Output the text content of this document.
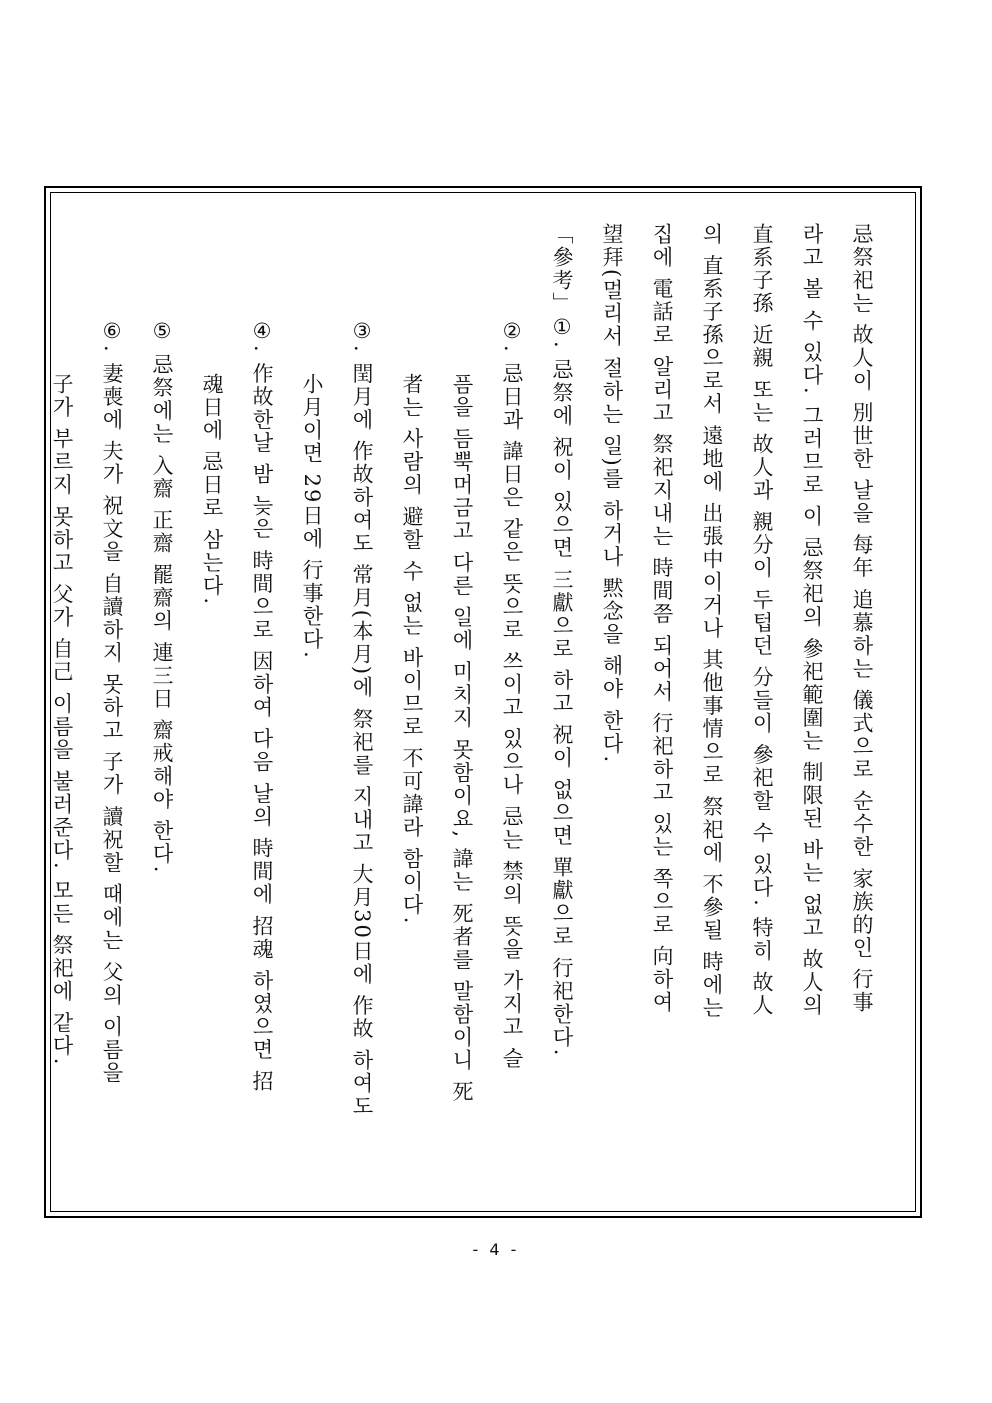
忌祭祀는 故人이 別世한 날을 每年 追慕하는 儀式으로 순수한 家族的인 行事

라고 볼 수 있다. 그러므로 이 忌祭祀의 參祀範圍는 制限된 바는 없고 故人의

直系子孫 近親 또는 故人과 親分이 두텁던 分들이 參祀할 수 있다. 特히 故人

의 直系子孫으로서 遠地에 出張中이거나 其他事情으로 祭祀에 不參될 時에는

집에 電話로 알리고 祭祀지내는 時間쯤 되어서 行祀하고 있는 쪽으로 向하여

望拜(멀리서 절하는 일)를 하거나 黙念을 해야 한다.

「參考」①. 忌祭에 祝이 있으면 三獻으로 하고 祝이 없으면 單獻으로 行祀한다.

②. 忌日과 諱日은 같은 뜻으로 쓰이고 있으나 忌는 禁의 뜻을 가지고 슬

픔을 듬뿍머금고 다른 일에 미치지 못함이요, 諱는 死者를 말함이니 死

者는 사람의 避할 수 없는 바이므로 不可諱라 함이다.

③. 閏月에 作故하여도 常月(本月)에 祭祀를 지내고 大月30日에 作故 하여도

小月이면 29日에 行事한다.

④. 作故한날 밤 늦은 時間으로 因하여 다음 날의 時間에 招魂 하였으면 招

魂日에 忌日로 삼는다.

⑤ 忌祭에는 入齋 正齋 罷齋의 連三日 齋戒해야 한다.

⑥. 妻喪에 夫가 祝文을 自讀하지 못하고 子가 讀祝할 때에는 父의 이름을

子가 부르지 못하고 父가 自己 이름을 불러준다. 모든 祭祀에 같다.

- 4 -
